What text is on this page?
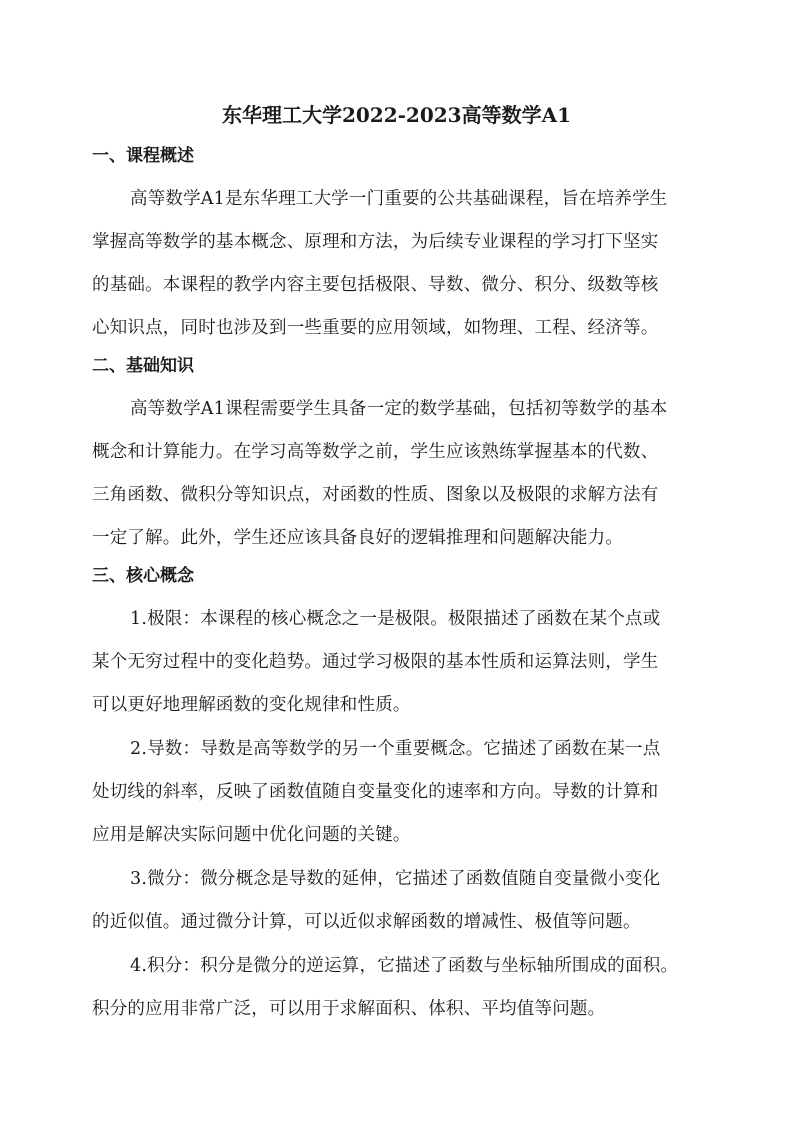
东华理工大学2022-2023高等数学A1
一、课程概述
高等数学A1是东华理工大学一门重要的公共基础课程，旨在培养学生
掌握高等数学的基本概念、原理和方法，为后续专业课程的学习打下坚实
的基础。本课程的教学内容主要包括极限、导数、微分、积分、级数等核
心知识点，同时也涉及到一些重要的应用领域，如物理、工程、经济等。
二、基础知识
高等数学A1课程需要学生具备一定的数学基础，包括初等数学的基本
概念和计算能力。在学习高等数学之前，学生应该熟练掌握基本的代数、
三角函数、微积分等知识点，对函数的性质、图象以及极限的求解方法有
一定了解。此外，学生还应该具备良好的逻辑推理和问题解决能力。
三、核心概念
1.极限：本课程的核心概念之一是极限。极限描述了函数在某个点或
某个无穷过程中的变化趋势。通过学习极限的基本性质和运算法则，学生
可以更好地理解函数的变化规律和性质。
2.导数：导数是高等数学的另一个重要概念。它描述了函数在某一点
处切线的斜率，反映了函数值随自变量变化的速率和方向。导数的计算和
应用是解决实际问题中优化问题的关键。
3.微分：微分概念是导数的延伸，它描述了函数值随自变量微小变化
的近似值。通过微分计算，可以近似求解函数的增减性、极值等问题。
4.积分：积分是微分的逆运算，它描述了函数与坐标轴所围成的面积。
积分的应用非常广泛，可以用于求解面积、体积、平均值等问题。
